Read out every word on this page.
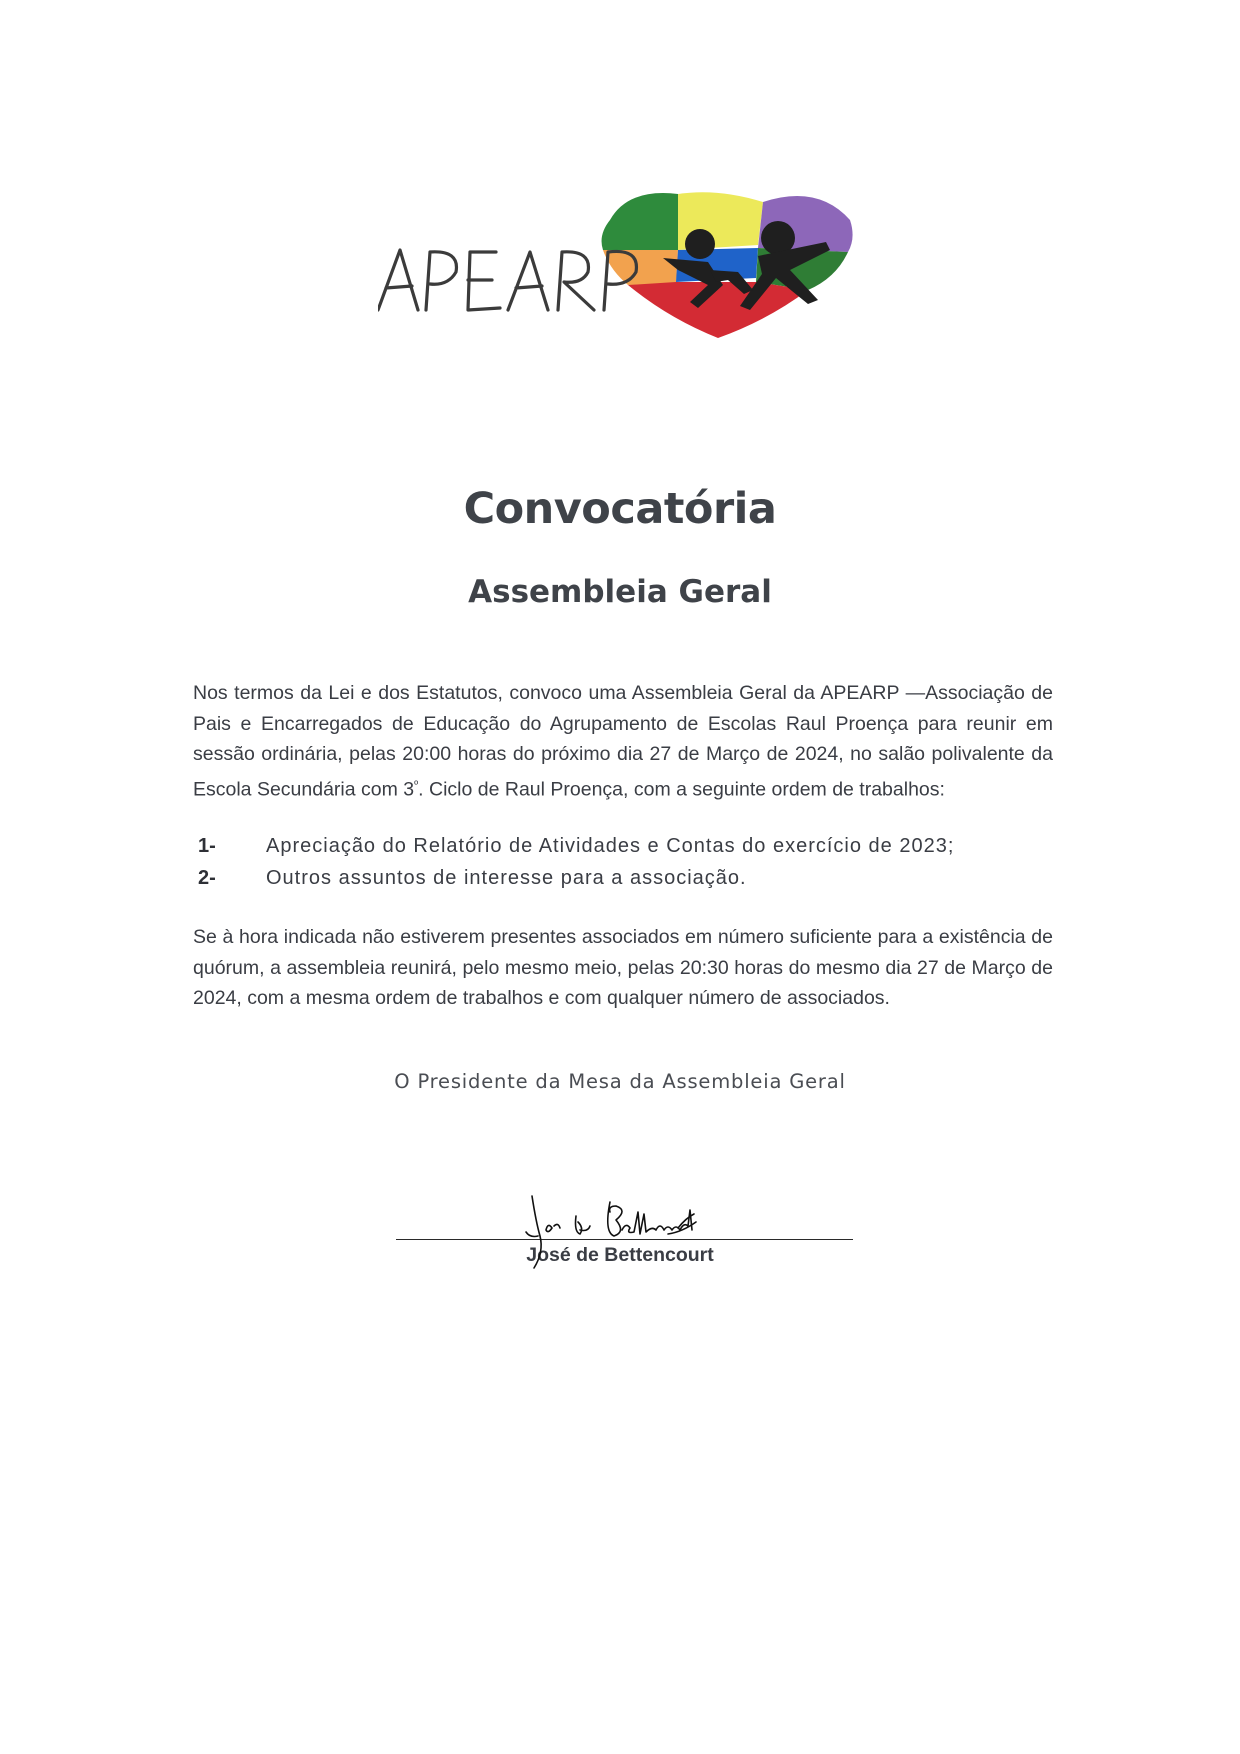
Convocatória
Assembleia Geral

Nos termos da Lei e dos Estatutos, convoco uma Assembleia Geral da APEARP —Associação de Pais e Encarregados de Educação do Agrupamento de Escolas Raul Proença para reunir em sessão ordinária, pelas 20:00 horas do próximo dia 27 de Março de 2024, no salão polivalente da Escola Secundária com $3^º$. Ciclo de Raul Proença, com a seguinte ordem de trabalhos:

1-	Apreciação do Relatório de Atividades e Contas do exercício de 2023;
2-	Outros assuntos de interesse para a associação.

Se à hora indicada não estiverem presentes associados em número suficiente para a existência de quórum, a assembleia reunirá, pelo mesmo meio, pelas 20:30 horas do mesmo dia 27 de Março de 2024, com a mesma ordem de trabalhos e com qualquer número de associados.

O Presidente da Mesa da Assembleia Geral
José de Bettencourt
